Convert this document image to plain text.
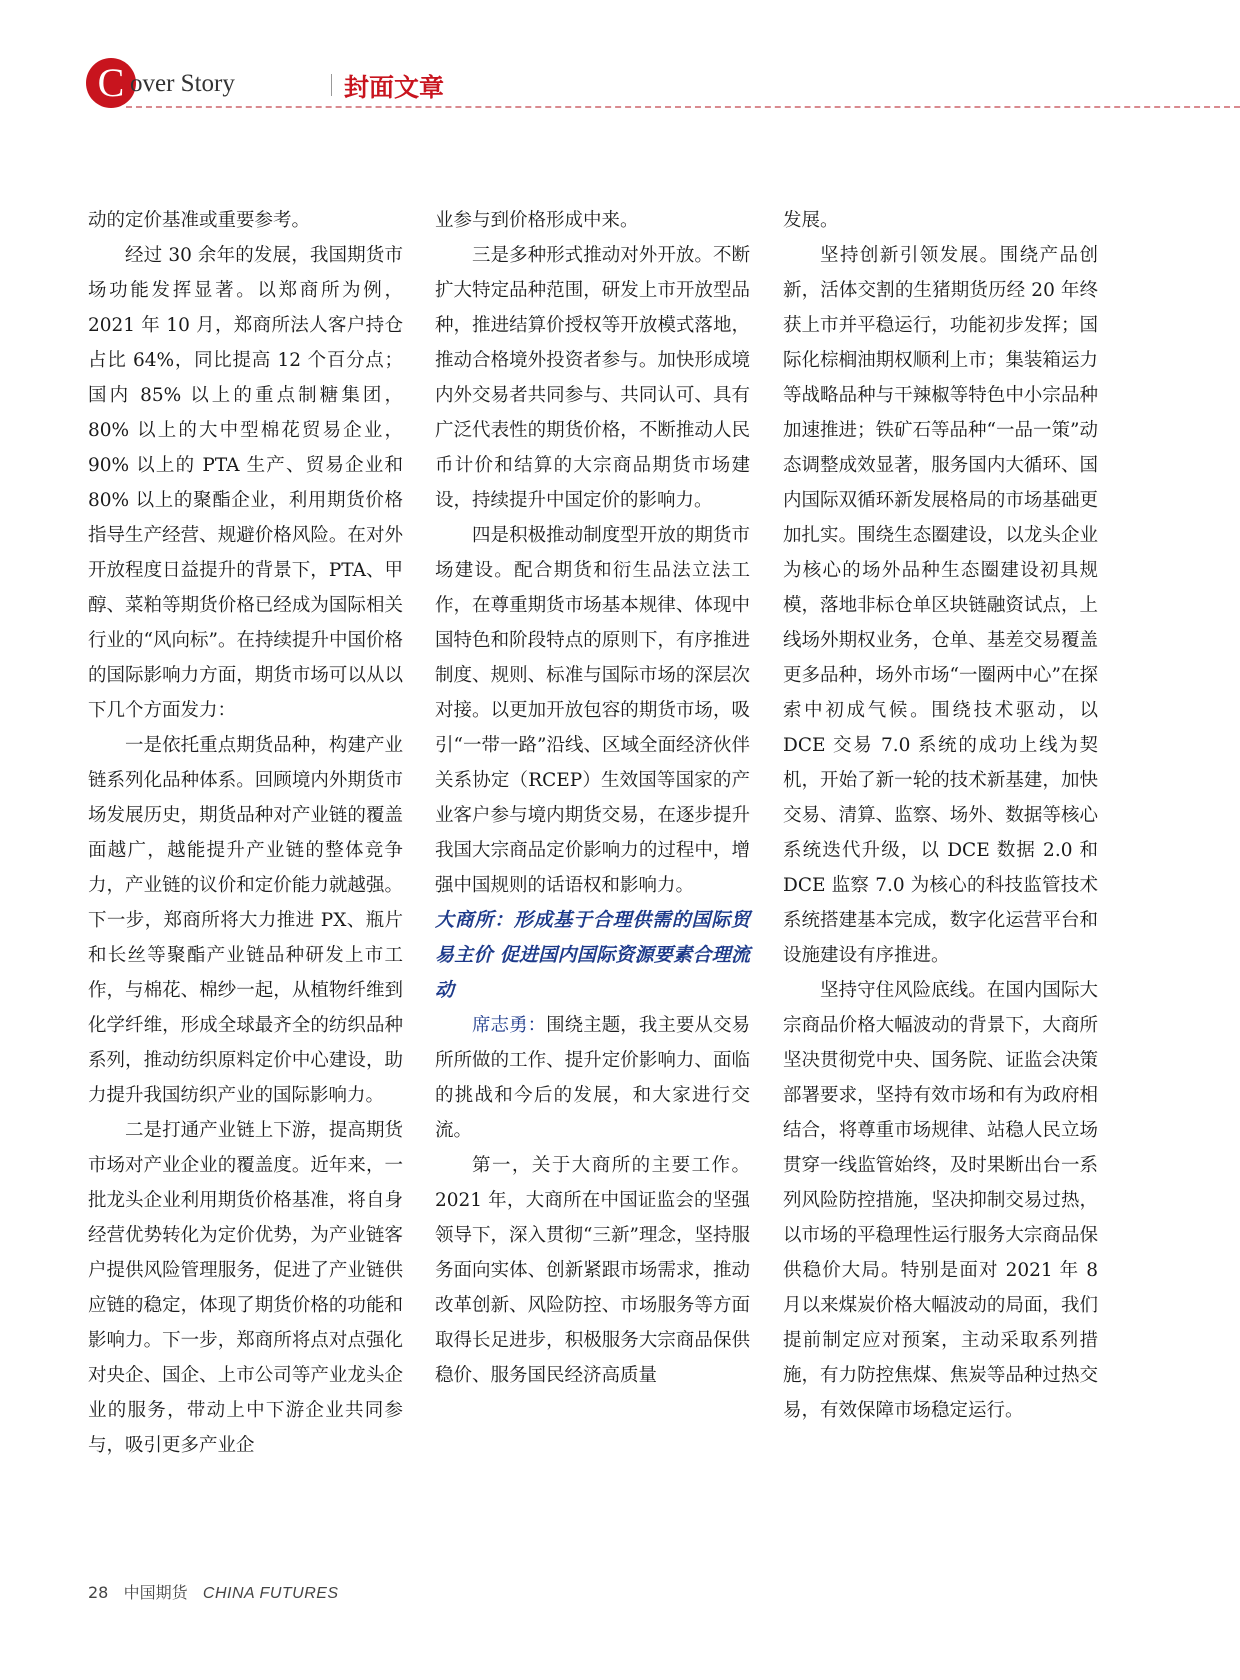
C over Story	封面文章

动的定价基准或重要参考。

经过 30 余年的发展，我国期货市场功能发挥显著。以郑商所为例，2021 年 10 月，郑商所法人客户持仓占比 64%，同比提高 12 个百分点；国内 85% 以上的重点制糖集团，80% 以上的大中型棉花贸易企业，90% 以上的 PTA 生产、贸易企业和 80% 以上的聚酯企业，利用期货价格指导生产经营、规避价格风险。在对外开放程度日益提升的背景下，PTA、甲醇、菜粕等期货价格已经成为国际相关行业的“风向标”。在持续提升中国价格的国际影响力方面，期货市场可以从以下几个方面发力：

一是依托重点期货品种，构建产业链系列化品种体系。回顾境内外期货市场发展历史，期货品种对产业链的覆盖面越广，越能提升产业链的整体竞争力，产业链的议价和定价能力就越强。下一步，郑商所将大力推进 PX、瓶片和长丝等聚酯产业链品种研发上市工作，与棉花、棉纱一起，从植物纤维到化学纤维，形成全球最齐全的纺织品种系列，推动纺织原料定价中心建设，助力提升我国纺织产业的国际影响力。

二是打通产业链上下游，提高期货市场对产业企业的覆盖度。近年来，一批龙头企业利用期货价格基准，将自身经营优势转化为定价优势，为产业链客户提供风险管理服务，促进了产业链供应链的稳定，体现了期货价格的功能和影响力。下一步，郑商所将点对点强化对央企、国企、上市公司等产业龙头企业的服务，带动上中下游企业共同参与，吸引更多产业企

业参与到价格形成中来。

三是多种形式推动对外开放。不断扩大特定品种范围，研发上市开放型品种，推进结算价授权等开放模式落地，推动合格境外投资者参与。加快形成境内外交易者共同参与、共同认可、具有广泛代表性的期货价格，不断推动人民币计价和结算的大宗商品期货市场建设，持续提升中国定价的影响力。

四是积极推动制度型开放的期货市场建设。配合期货和衍生品法立法工作，在尊重期货市场基本规律、体现中国特色和阶段特点的原则下，有序推进制度、规则、标准与国际市场的深层次对接。以更加开放包容的期货市场，吸引“一带一路”沿线、区域全面经济伙伴关系协定（RCEP）生效国等国家的产业客户参与境内期货交易，在逐步提升我国大宗商品定价影响力的过程中，增强中国规则的话语权和影响力。

大商所：形成基于合理供需的国际贸易主价 促进国内国际资源要素合理流动

席志勇：围绕主题，我主要从交易所所做的工作、提升定价影响力、面临的挑战和今后的发展，和大家进行交流。

第一，关于大商所的主要工作。2021 年，大商所在中国证监会的坚强领导下，深入贯彻“三新”理念，坚持服务面向实体、创新紧跟市场需求，推动改革创新、风险防控、市场服务等方面取得长足进步，积极服务大宗商品保供稳价、服务国民经济高质量

发展。

坚持创新引领发展。围绕产品创新，活体交割的生猪期货历经 20 年终获上市并平稳运行，功能初步发挥；国际化棕榈油期权顺利上市；集装箱运力等战略品种与干辣椒等特色中小宗品种加速推进；铁矿石等品种“一品一策”动态调整成效显著，服务国内大循环、国内国际双循环新发展格局的市场基础更加扎实。围绕生态圈建设，以龙头企业为核心的场外品种生态圈建设初具规模，落地非标仓单区块链融资试点，上线场外期权业务，仓单、基差交易覆盖更多品种，场外市场“一圈两中心”在探索中初成气候。围绕技术驱动，以 DCE 交易 7.0 系统的成功上线为契机，开始了新一轮的技术新基建，加快交易、清算、监察、场外、数据等核心系统迭代升级，以 DCE 数据 2.0 和 DCE 监察 7.0 为核心的科技监管技术系统搭建基本完成，数字化运营平台和设施建设有序推进。

坚持守住风险底线。在国内国际大宗商品价格大幅波动的背景下，大商所坚决贯彻党中央、国务院、证监会决策部署要求，坚持有效市场和有为政府相结合，将尊重市场规律、站稳人民立场贯穿一线监管始终，及时果断出台一系列风险防控措施，坚决抑制交易过热，以市场的平稳理性运行服务大宗商品保供稳价大局。特别是面对 2021 年 8 月以来煤炭价格大幅波动的局面，我们提前制定应对预案，主动采取系列措施，有力防控焦煤、焦炭等品种过热交易，有效保障市场稳定运行。

28 中国期货 CHINA FUTURES
